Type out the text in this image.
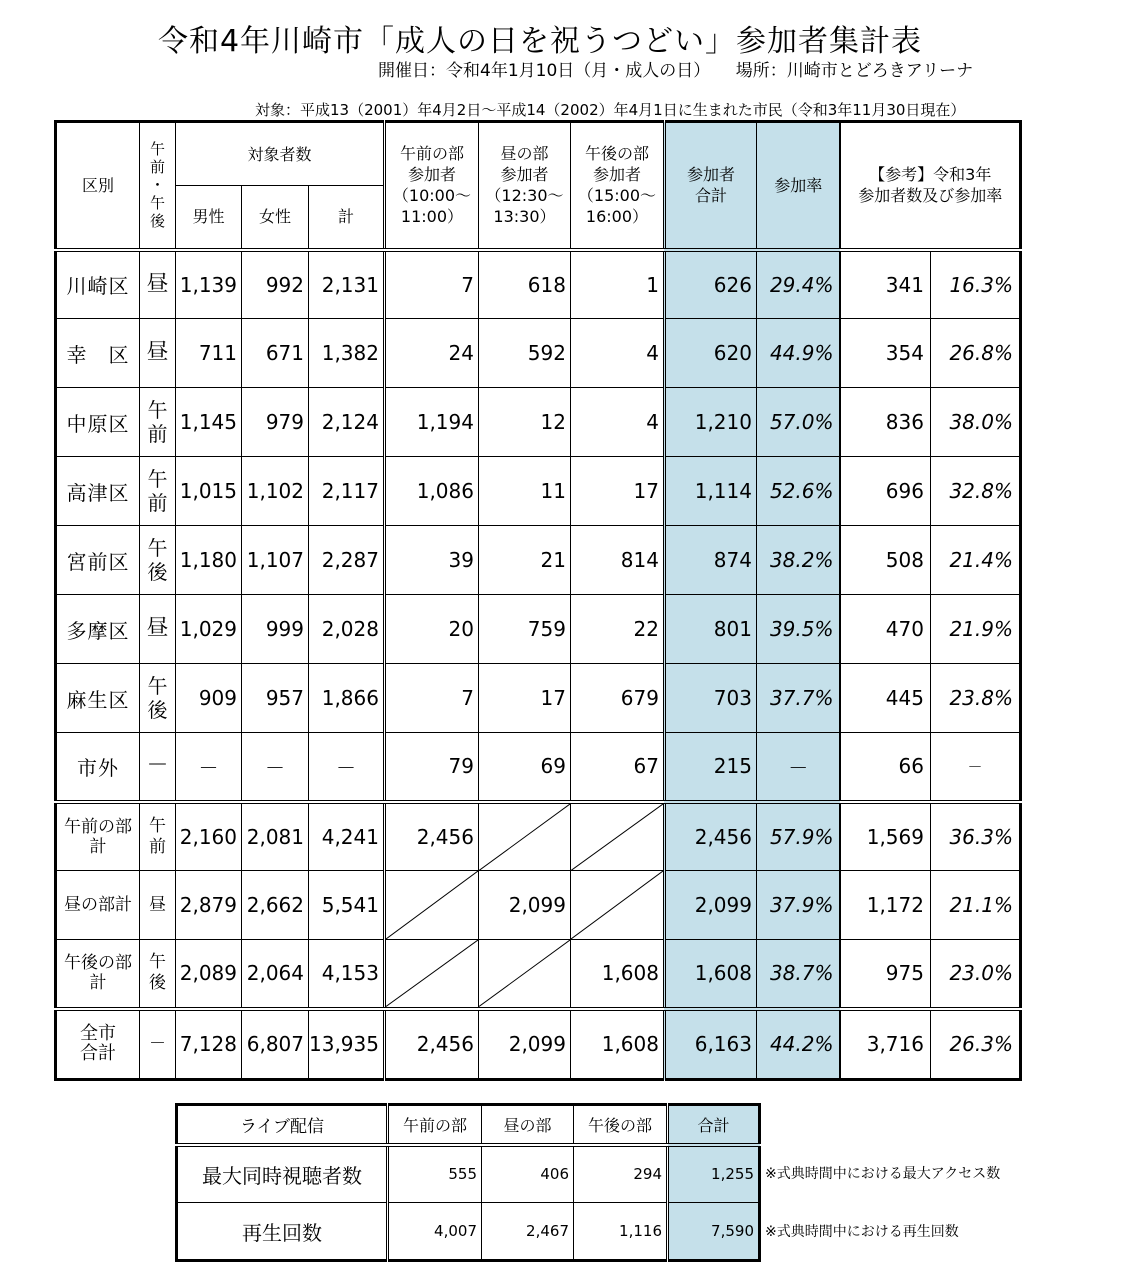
令和4年川崎市「成人の日を祝うつどい」参加者集計表
開催日：令和4年1月10日（月・成人の日）　　場所：川崎市とどろきアリーナ
対象：平成13（2001）年4月2日～平成14（2002）年4月1日に生まれた市民（令和3年11月30日現在）
区別	午
前
・
午
後	対象者数			午前の部
参加者
（10:00～
11:00）	昼の部
参加者
（12:30～
13:30）	午後の部
参加者
（15:00～
16:00）	参加者
合計	参加率	【参考】令和3年
参加者数及び参加率	
		男性	女性	計							
川崎区	昼	1,139	992	2,131	7	618	1	626	29.4%	341	16.3%
幸　区	昼	711	671	1,382	24	592	4	620	44.9%	354	26.8%
中原区	午
前	1,145	979	2,124	1,194	12	4	1,210	57.0%	836	38.0%
高津区	午
前	1,015	1,102	2,117	1,086	11	17	1,114	52.6%	696	32.8%
宮前区	午
後	1,180	1,107	2,287	39	21	814	874	38.2%	508	21.4%
多摩区	昼	1,029	999	2,028	20	759	22	801	39.5%	470	21.9%
麻生区	午
後	909	957	1,866	7	17	679	703	37.7%	445	23.8%
市外	－	－	－	－	79	69	67	215	－	66	－
午前の部
計	午
前	2,160	2,081	4,241	2,456			2,456	57.9%	1,569	36.3%
昼の部計	昼	2,879	2,662	5,541		2,099		2,099	37.9%	1,172	21.1%
午後の部
計	午
後	2,089	2,064	4,153			1,608	1,608	38.7%	975	23.0%
全市
合計	－	7,128	6,807	13,935	2,456	2,099	1,608	6,163	44.2%	3,716	26.3%
ライブ配信	午前の部	昼の部	午後の部	合計
最大同時視聴者数	555	406	294	1,255
再生回数	4,007	2,467	1,116	7,590
※式典時間中における最大アクセス数
※式典時間中における再生回数
